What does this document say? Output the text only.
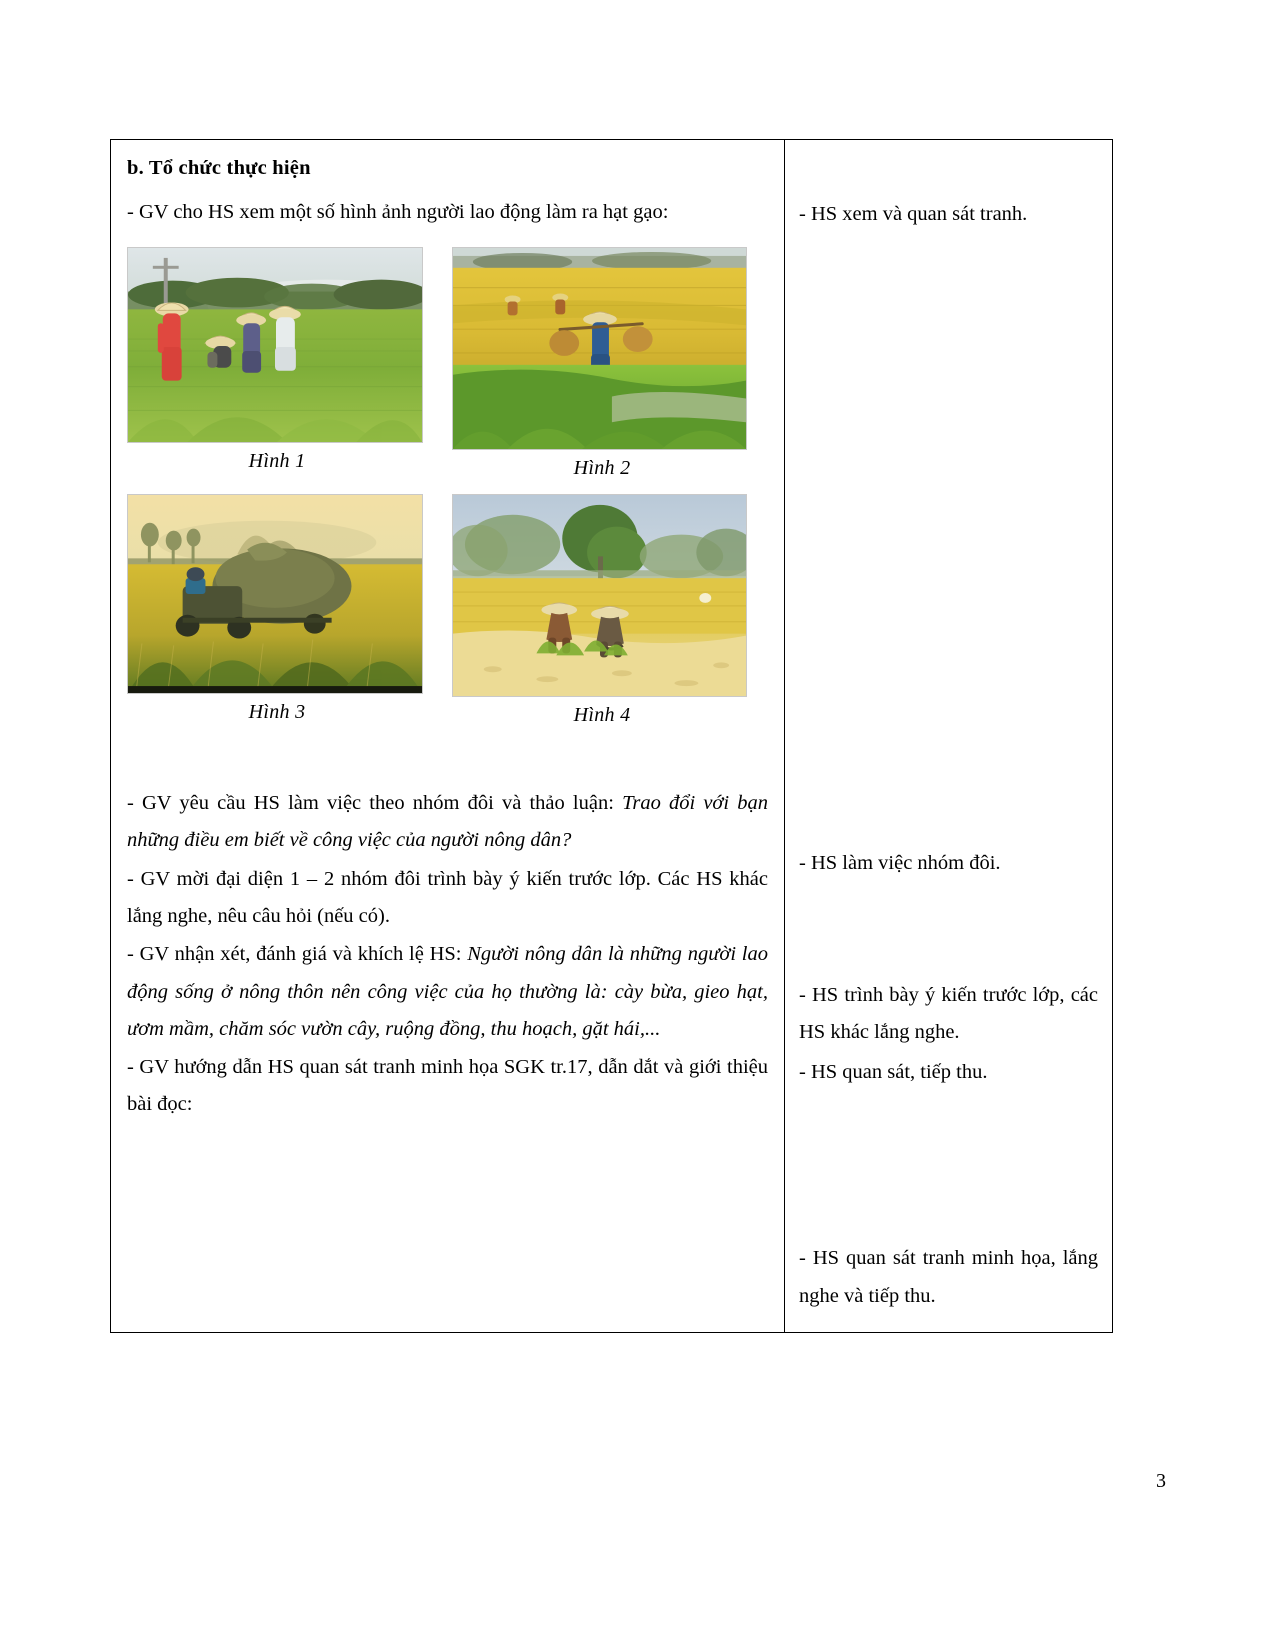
b. Tổ chức thực hiện

- GV cho HS xem một số hình ảnh người lao động làm ra hạt gạo:

Hình 1	Hình 2
Hình 3	Hình 4

- GV yêu cầu HS làm việc theo nhóm đôi và thảo luận: Trao đổi với bạn những điều em biết về công việc của người nông dân?

- GV mời đại diện 1 – 2 nhóm đôi trình bày ý kiến trước lớp. Các HS khác lắng nghe, nêu câu hỏi (nếu có).

- GV nhận xét, đánh giá và khích lệ HS: Người nông dân là những người lao động sống ở nông thôn nên công việc của họ thường là: cày bừa, gieo hạt, ươm mầm, chăm sóc vườn cây, ruộng đồng, thu hoạch, gặt hái,...

- GV hướng dẫn HS quan sát tranh minh họa SGK tr.17, dẫn dắt và giới thiệu bài đọc:

- HS xem và quan sát tranh.

- HS làm việc nhóm đôi.

- HS trình bày ý kiến trước lớp, các HS khác lắng nghe.

- HS quan sát, tiếp thu.

- HS quan sát tranh minh họa, lắng nghe và tiếp thu.

3
